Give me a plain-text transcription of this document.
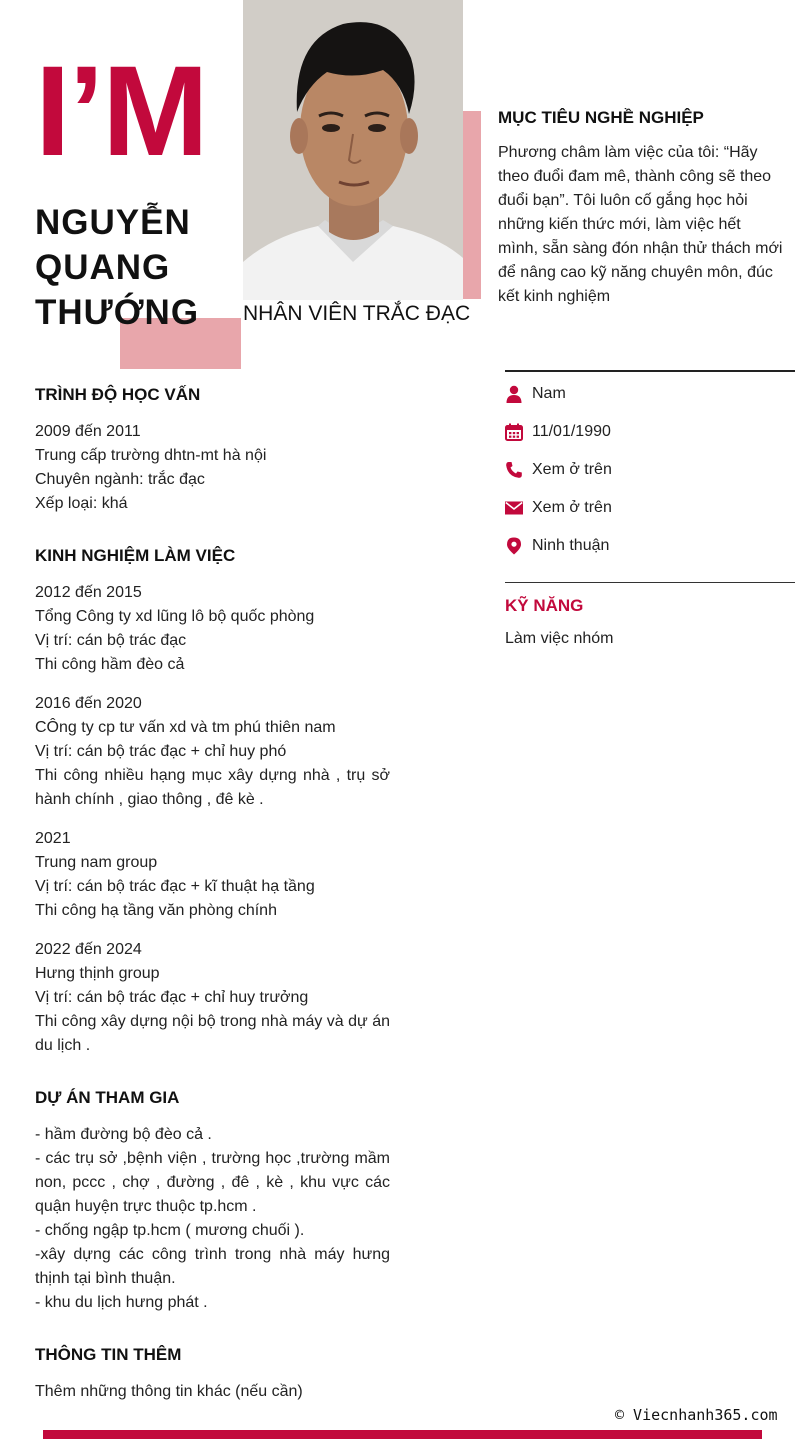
I’M
NGUYỄN
QUANG
THƯỚNG	NHÂN VIÊN TRẮC ĐẠC
MỤC TIÊU NGHỀ NGHIỆP
Phương châm làm việc của tôi: “Hãy theo đuổi đam mê, thành công sẽ theo đuổi bạn”. Tôi luôn cố gắng học hỏi những kiến thức mới, làm việc hết mình, sẵn sàng đón nhận thử thách mới để nâng cao kỹ năng chuyên môn, đúc kết kinh nghiệm
TRÌNH ĐỘ HỌC VẤN
2009 đến 2011
Trung cấp trường dhtn-mt hà nội
Chuyên ngành: trắc đạc
Xếp loại: khá
KINH NGHIỆM LÀM VIỆC
2012 đến 2015
Tổng Công ty xd lũng lô bộ quốc phòng
Vị trí: cán bộ trác đạc
Thi công hầm đèo cả
2016 đến 2020
CÔng ty cp tư vấn xd và tm phú thiên nam
Vị trí: cán bộ trác đạc + chỉ huy phó
Thi công nhiều hạng mục xây dựng nhà , trụ sở hành chính , giao thông , đê kè .
2021
Trung nam group
Vị trí: cán bộ trác đạc + kĩ thuật hạ tầng
Thi công hạ tầng văn phòng chính
2022 đến 2024
Hưng thịnh group
Vị trí: cán bộ trác đạc + chỉ huy trưởng
Thi công xây dựng nội bộ trong nhà máy và dự án du lịch .
DỰ ÁN THAM GIA
- hầm đường bộ đèo cả .
- các trụ sở ,bệnh viện , trường học ,trường mầm non, pccc , chợ , đường , đê , kè , khu vực các quận huyện trực thuộc tp.hcm .
- chống ngập tp.hcm ( mương chuối ).
-xây dựng các công trình trong nhà máy hưng thịnh tại bình thuận.
- khu du lịch hưng phát .
THÔNG TIN THÊM
Thêm những thông tin khác (nếu cần)
Nam
11/01/1990
Xem ở trên
Xem ở trên
Ninh thuận
KỸ NĂNG
Làm việc nhóm
© Viecnhanh365.com
